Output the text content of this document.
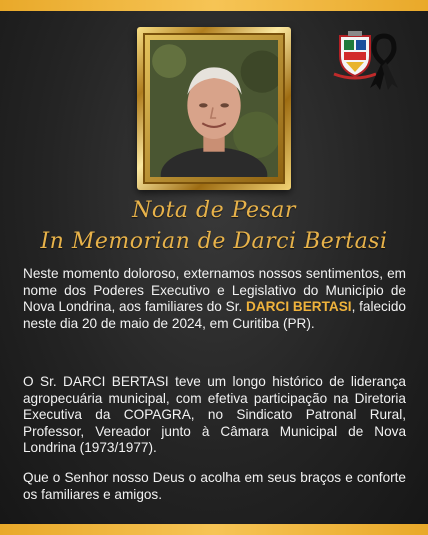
Nota de Pesar
In Memorian de Darci Bertasi
Neste momento doloroso, externamos nossos sentimentos, em nome dos Poderes Executivo e Legislativo do Município de Nova Londrina, aos familiares do Sr. DARCI BERTASI, falecido neste dia 20 de maio de 2024, em Curitiba (PR).
O Sr. DARCI BERTASI teve um longo histórico de liderança agropecuária municipal, com efetiva participação na Diretoria Executiva da COPAGRA, no Sindicato Patronal Rural, Professor, Vereador junto à Câmara Municipal de Nova Londrina (1973/1977).
Que o Senhor nosso Deus o acolha em seus braços e conforte os familiares e amigos.
